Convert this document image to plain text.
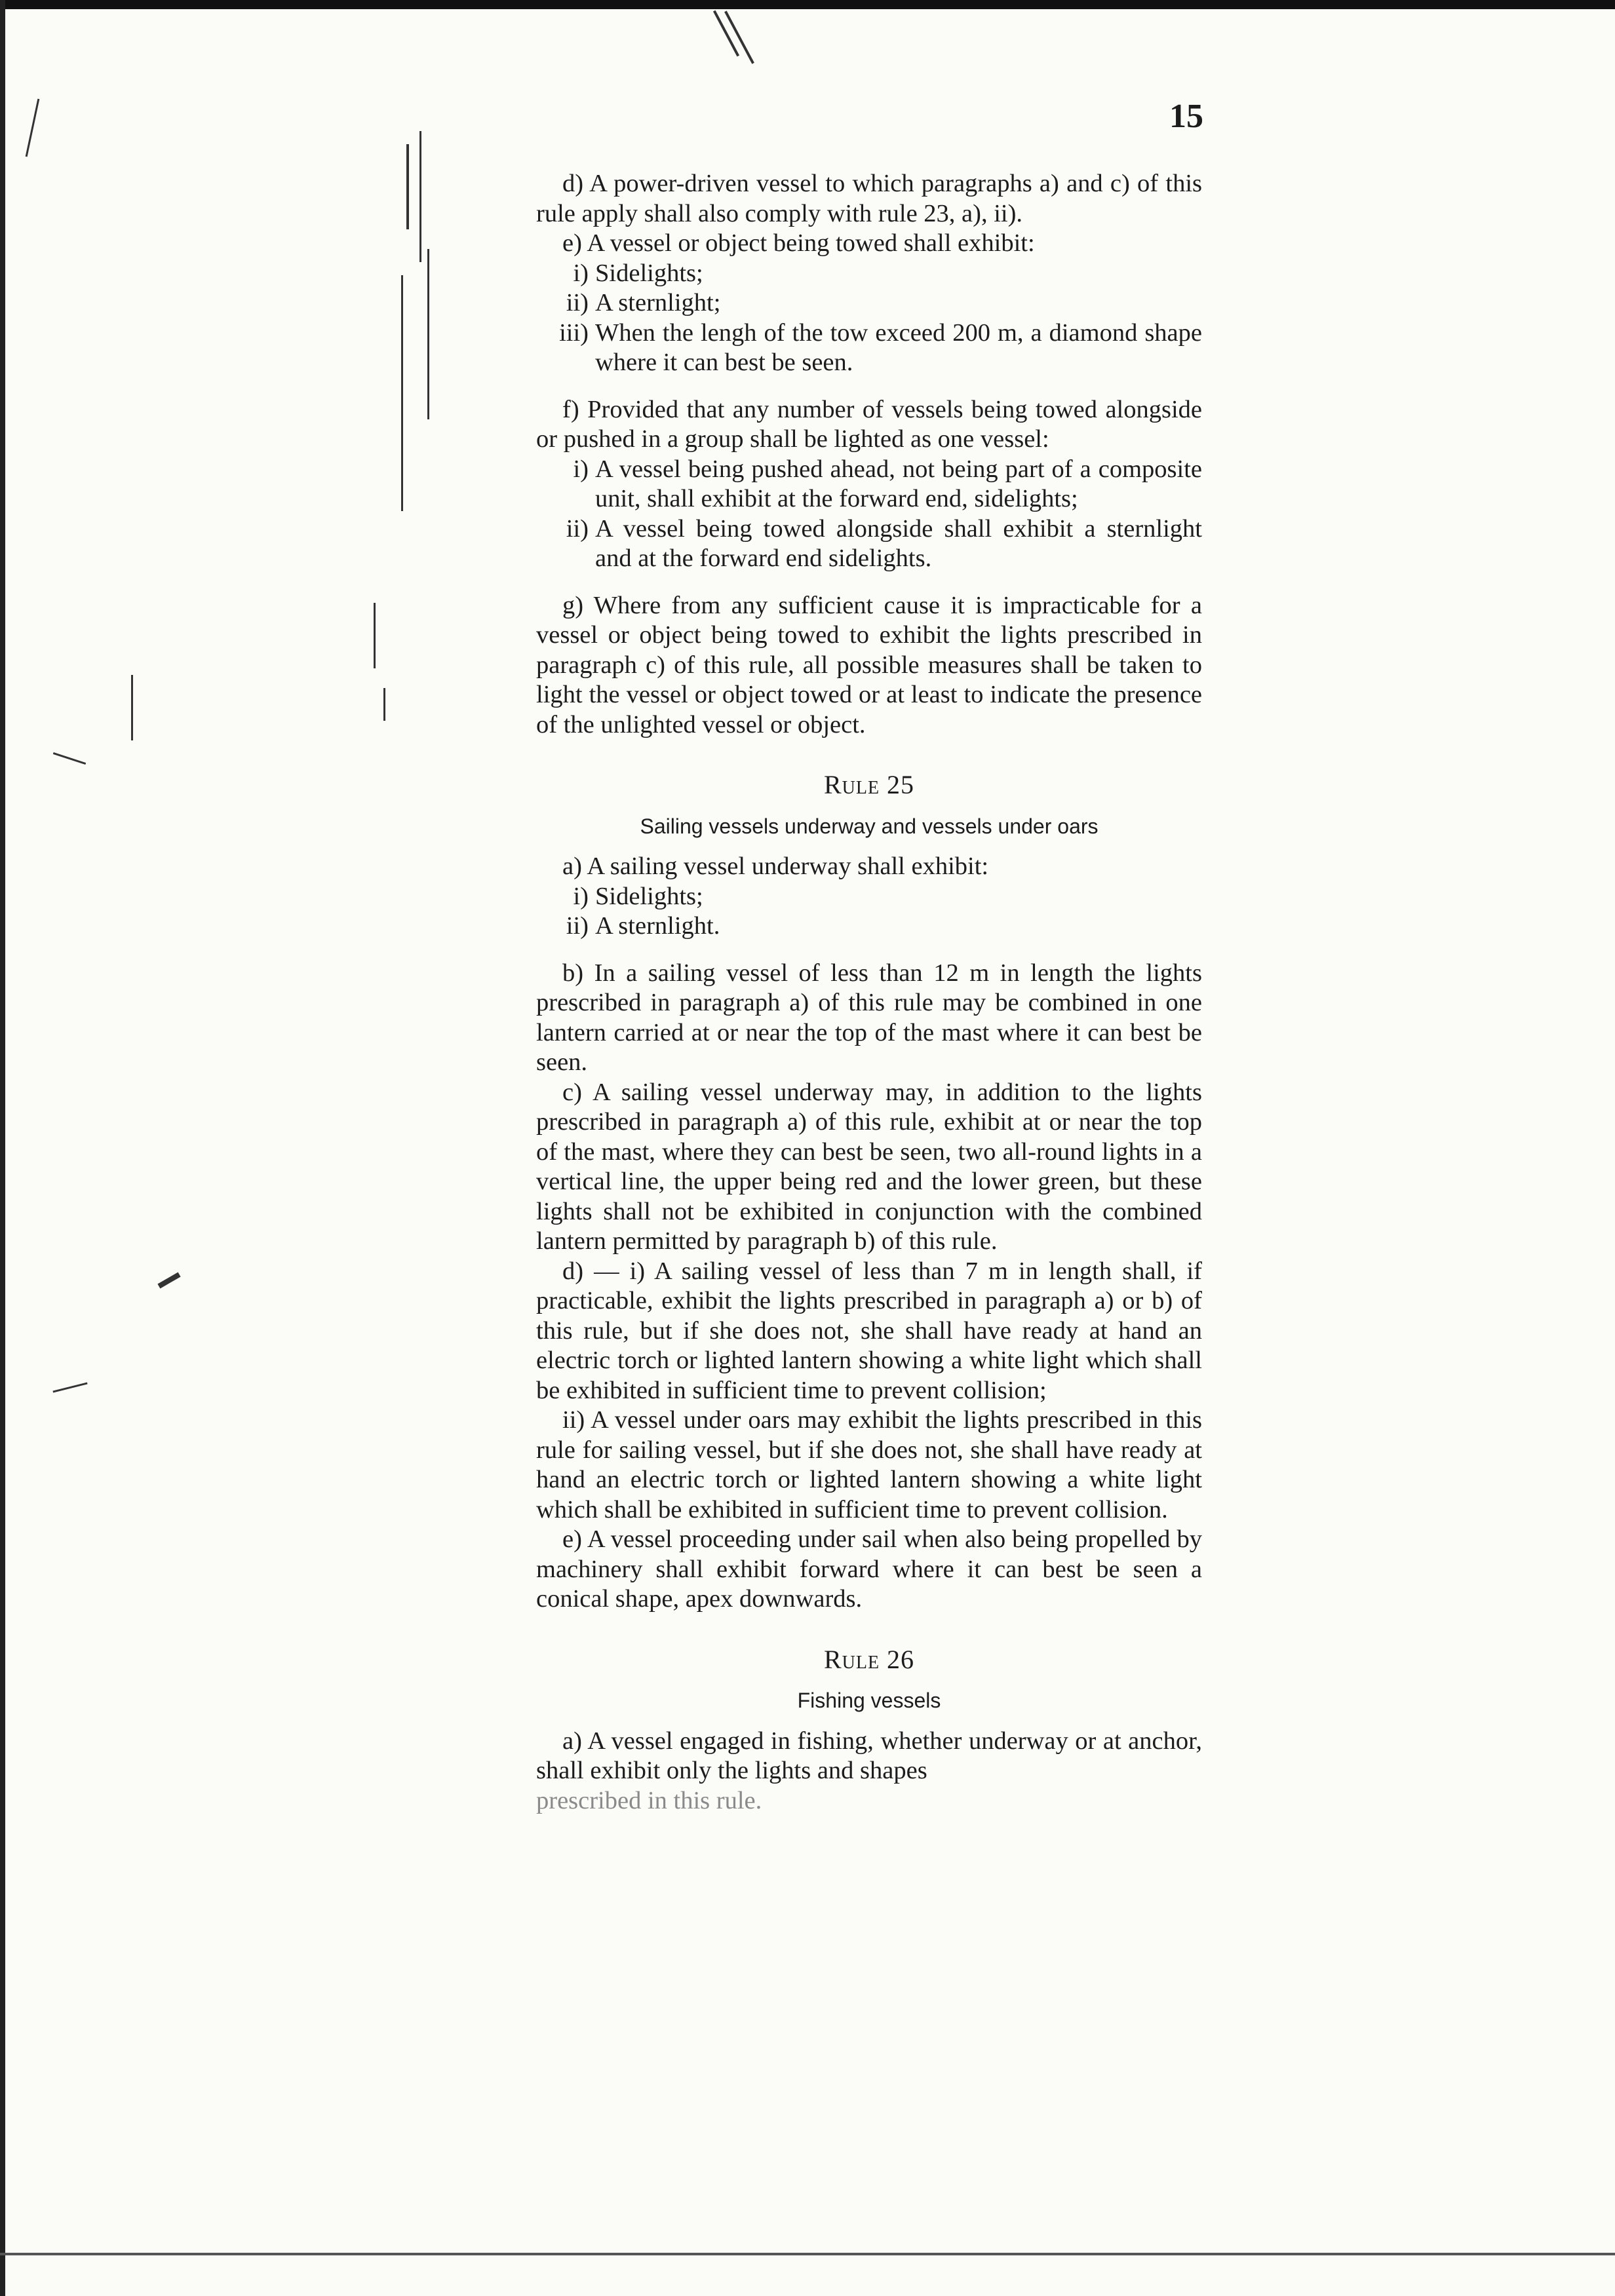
15

d) A power-driven vessel to which paragraphs a) and c) of this rule apply shall also comply with rule 23, a), ii).

e) A vessel or object being towed shall exhibit:

i) Sidelights;
ii) A sternlight;
iii) When the lengh of the tow exceed 200 m, a diamond shape where it can best be seen.

f) Provided that any number of vessels being towed alongside or pushed in a group shall be lighted as one vessel:

i) A vessel being pushed ahead, not being part of a composite unit, shall exhibit at the forward end, sidelights;
ii) A vessel being towed alongside shall exhibit a sternlight and at the forward end sidelights.

g) Where from any sufficient cause it is impracticable for a vessel or object being towed to exhibit the lights prescribed in paragraph c) of this rule, all possible measures shall be taken to light the vessel or object towed or at least to indicate the presence of the unlighted vessel or object.

Rule 25
Sailing vessels underway and vessels under oars

a) A sailing vessel underway shall exhibit:

i) Sidelights;
ii) A sternlight.

b) In a sailing vessel of less than 12 m in length the lights prescribed in paragraph a) of this rule may be combined in one lantern carried at or near the top of the mast where it can best be seen.

c) A sailing vessel underway may, in addition to the lights prescribed in paragraph a) of this rule, exhibit at or near the top of the mast, where they can best be seen, two all-round lights in a vertical line, the upper being red and the lower green, but these lights shall not be exhibited in conjunction with the combined lantern permitted by paragraph b) of this rule.

d) — i) A sailing vessel of less than 7 m in length shall, if practicable, exhibit the lights prescribed in paragraph a) or b) of this rule, but if she does not, she shall have ready at hand an electric torch or lighted lantern showing a white light which shall be exhibited in sufficient time to prevent collision;

ii) A vessel under oars may exhibit the lights prescribed in this rule for sailing vessel, but if she does not, she shall have ready at hand an electric torch or lighted lantern showing a white light which shall be exhibited in sufficient time to prevent collision.

e) A vessel proceeding under sail when also being propelled by machinery shall exhibit forward where it can best be seen a conical shape, apex downwards.

Rule 26
Fishing vessels

a) A vessel engaged in fishing, whether underway or at anchor, shall exhibit only the lights and shapes

prescribed in this rule.
